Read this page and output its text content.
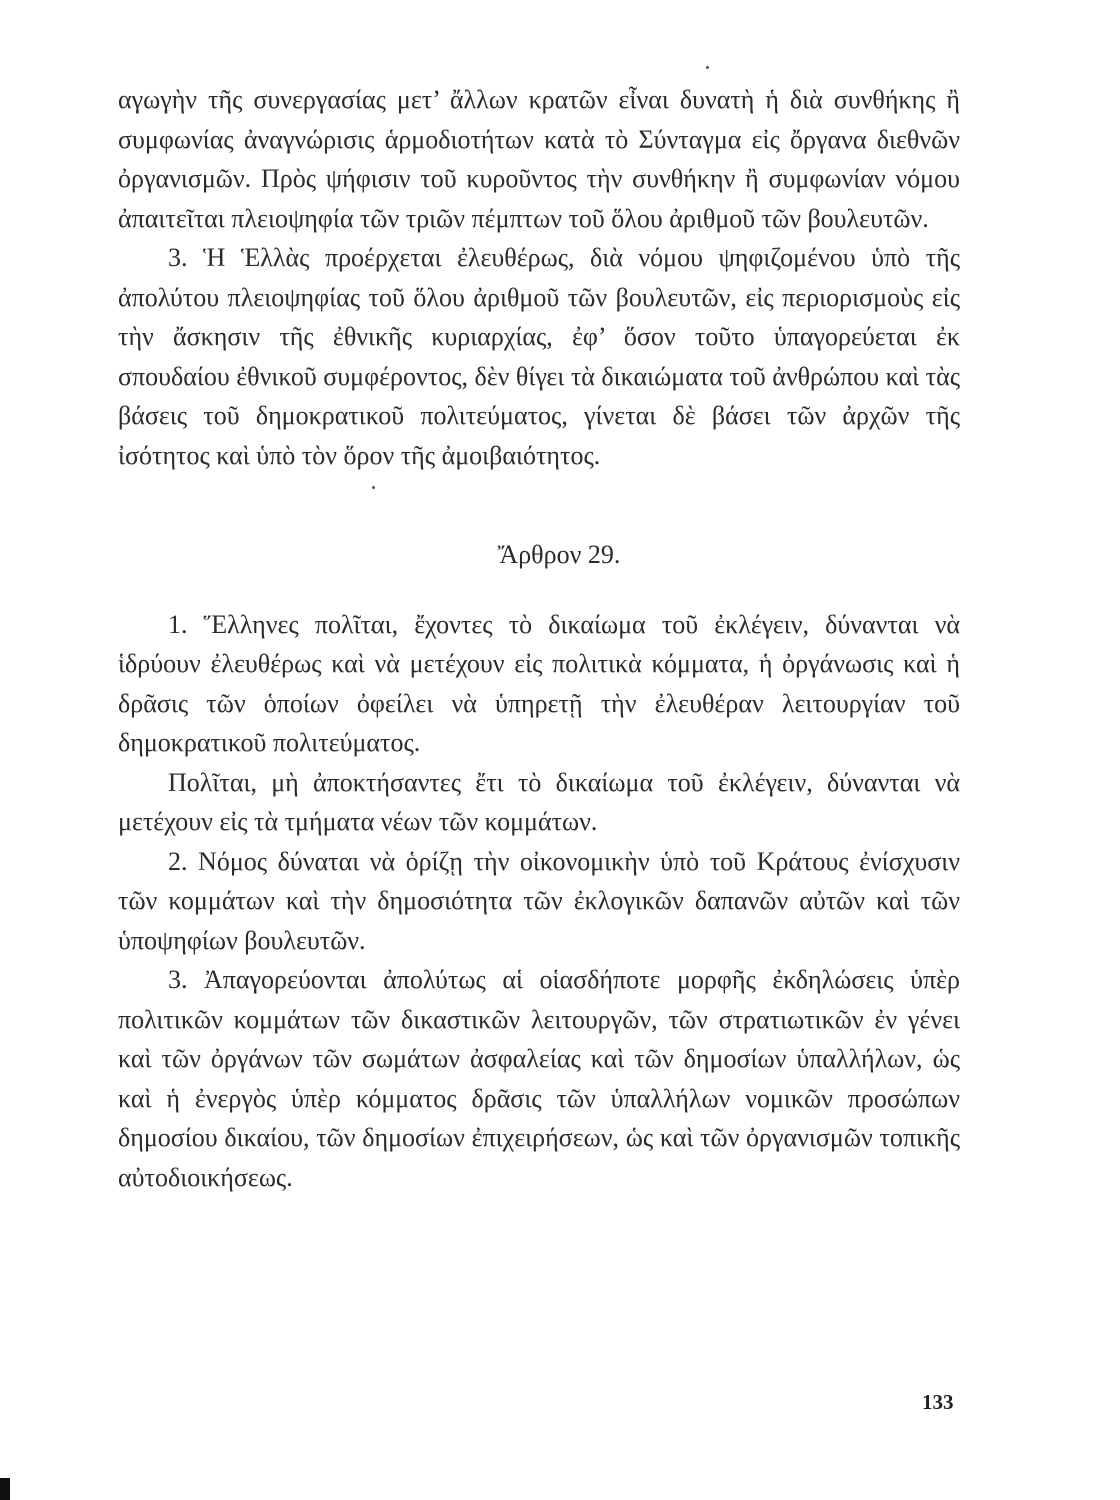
αγωγὴν τῆς συνεργασίας μετ’ ἄλλων κρατῶν εἶναι δυνατὴ ἡ διὰ συνθήκης ἢ συμφωνίας ἀναγνώρισις ἁρμοδιοτήτων κατὰ τὸ Σύνταγμα εἰς ὄργανα διεθνῶν ὀργανισμῶν. Πρὸς ψήφισιν τοῦ κυροῦντος τὴν συνθήκην ἢ συμφωνίαν νόμου ἀπαιτεῖται πλειοψηφία τῶν τριῶν πέμπτων τοῦ ὅλου ἀριθμοῦ τῶν βουλευτῶν.

3. Ἡ Ἑλλὰς προέρχεται ἐλευθέρως, διὰ νόμου ψηφιζομένου ὑπὸ τῆς ἀπολύτου πλειοψηφίας τοῦ ὅλου ἀριθμοῦ τῶν βουλευτῶν, εἰς περιορισμοὺς εἰς τὴν ἄσκησιν τῆς ἐθνικῆς κυριαρχίας, ἐφ’ ὅσον τοῦτο ὑπαγορεύεται ἐκ σπουδαίου ἐθνικοῦ συμφέροντος, δὲν θίγει τὰ δικαιώματα τοῦ ἀνθρώπου καὶ τὰς βάσεις τοῦ δημοκρατικοῦ πολιτεύματος, γίνεται δὲ βάσει τῶν ἀρχῶν τῆς ἰσότητος καὶ ὑπὸ τὸν ὅρον τῆς ἀμοιβαιότητος.

Ἄρθρον 29.

1. Ἕλληνες πολῖται, ἔχοντες τὸ δικαίωμα τοῦ ἐκλέγειν, δύνανται νὰ ἱδρύουν ἐλευθέρως καὶ νὰ μετέχουν εἰς πολιτικὰ κόμματα, ἡ ὀργάνωσις καὶ ἡ δρᾶσις τῶν ὁποίων ὀφείλει νὰ ὑπηρετῇ τὴν ἐλευθέραν λειτουργίαν τοῦ δημοκρατικοῦ πολιτεύματος.

Πολῖται, μὴ ἀποκτήσαντες ἔτι τὸ δικαίωμα τοῦ ἐκλέγειν, δύνανται νὰ μετέχουν εἰς τὰ τμήματα νέων τῶν κομμάτων.

2. Νόμος δύναται νὰ ὁρίζῃ τὴν οἰκονομικὴν ὑπὸ τοῦ Κράτους ἐνίσχυσιν τῶν κομμάτων καὶ τὴν δημοσιότητα τῶν ἐκλογικῶν δαπανῶν αὐτῶν καὶ τῶν ὑποψηφίων βουλευτῶν.

3. Ἀπαγορεύονται ἀπολύτως αἱ οἱασδήποτε μορφῆς ἐκδηλώσεις ὑπὲρ πολιτικῶν κομμάτων τῶν δικαστικῶν λειτουργῶν, τῶν στρατιωτικῶν ἐν γένει καὶ τῶν ὀργάνων τῶν σωμάτων ἀσφαλείας καὶ τῶν δημοσίων ὑπαλλήλων, ὡς καὶ ἡ ἐνεργὸς ὑπὲρ κόμματος δρᾶσις τῶν ὑπαλλήλων νομικῶν προσώπων δημοσίου δικαίου, τῶν δημοσίων ἐπιχειρήσεων, ὡς καὶ τῶν ὀργανισμῶν τοπικῆς αὐτοδιοικήσεως.

133
